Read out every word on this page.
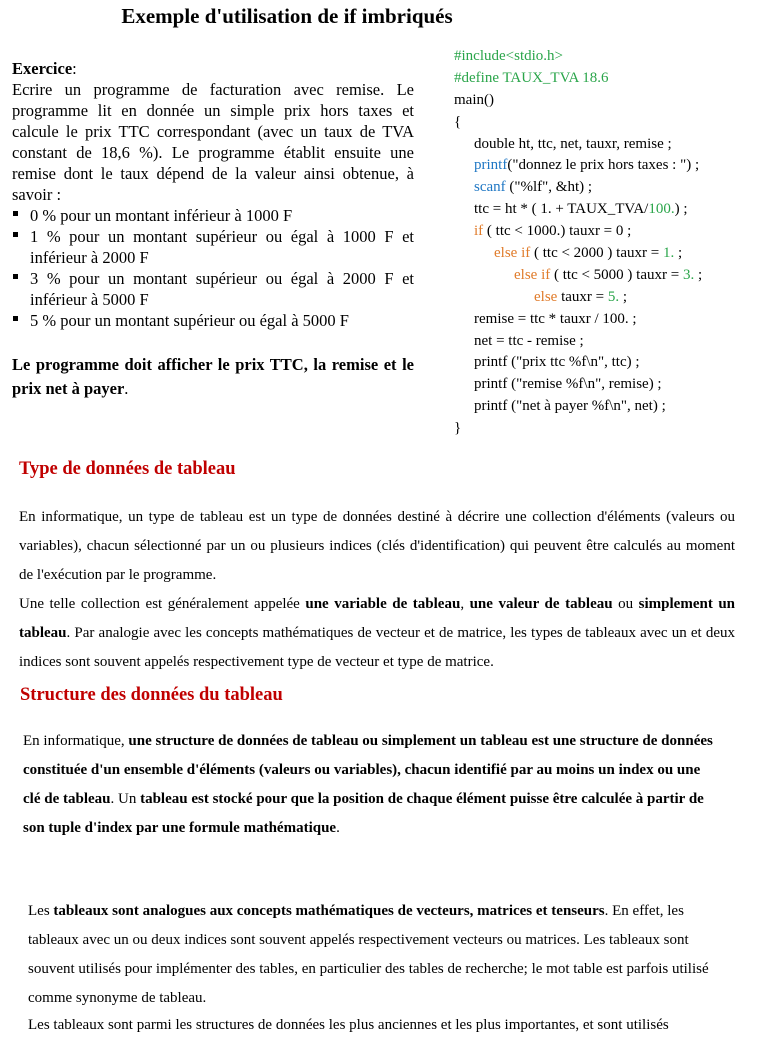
Exemple d'utilisation de if imbriqués
Exercice:
Ecrire un programme de facturation avec remise. Le programme lit en donnée un simple prix hors taxes et calcule le prix TTC correspondant (avec un taux de TVA constant de 18,6 %). Le programme établit ensuite une remise dont le taux dépend de la valeur ainsi obtenue, à savoir :
0 % pour un montant inférieur à 1000 F
1 % pour un montant supérieur ou égal à 1000 F et inférieur à 2000 F
3 % pour un montant supérieur ou égal à 2000 F et inférieur à 5000 F
5 % pour un montant supérieur ou égal à 5000 F
Le programme doit afficher le prix TTC, la remise et le prix net à payer.
#include<stdio.h>
#define TAUX_TVA 18.6
main()
{
double ht, ttc, net, tauxr, remise ;
printf("donnez le prix hors taxes : ") ;
scanf ("%lf", &ht) ;
ttc = ht * ( 1. + TAUX_TVA/100.) ;
if ( ttc < 1000.) tauxr = 0 ;
else if ( ttc < 2000 ) tauxr = 1. ;
else if ( ttc < 5000 ) tauxr = 3. ;
else tauxr = 5. ;
remise = ttc * tauxr / 100. ;
net = ttc - remise ;
printf ("prix ttc %f\n", ttc) ;
printf ("remise %f\n", remise) ;
printf ("net à payer %f\n", net) ;
}
Type de données de tableau
En informatique, un type de tableau est un type de données destiné à décrire une collection d'éléments (valeurs ou variables), chacun sélectionné par un ou plusieurs indices (clés d'identification) qui peuvent être calculés au moment de l'exécution par le programme.
Une telle collection est généralement appelée une variable de tableau, une valeur de tableau ou simplement un tableau. Par analogie avec les concepts mathématiques de vecteur et de matrice, les types de tableaux avec un et deux indices sont souvent appelés respectivement type de vecteur et type de matrice.
Structure des données du tableau
En informatique, une structure de données de tableau ou simplement un tableau est une structure de données constituée d'un ensemble d'éléments (valeurs ou variables), chacun identifié par au moins un index ou une clé de tableau. Un tableau est stocké pour que la position de chaque élément puisse être calculée à partir de son tuple d'index par une formule mathématique.
Les tableaux sont analogues aux concepts mathématiques de vecteurs, matrices et tenseurs. En effet, les tableaux avec un ou deux indices sont souvent appelés respectivement vecteurs ou matrices. Les tableaux sont souvent utilisés pour implémenter des tables, en particulier des tables de recherche; le mot table est parfois utilisé comme synonyme de tableau.
Les tableaux sont parmi les structures de données les plus anciennes et les plus importantes, et sont utilisés
